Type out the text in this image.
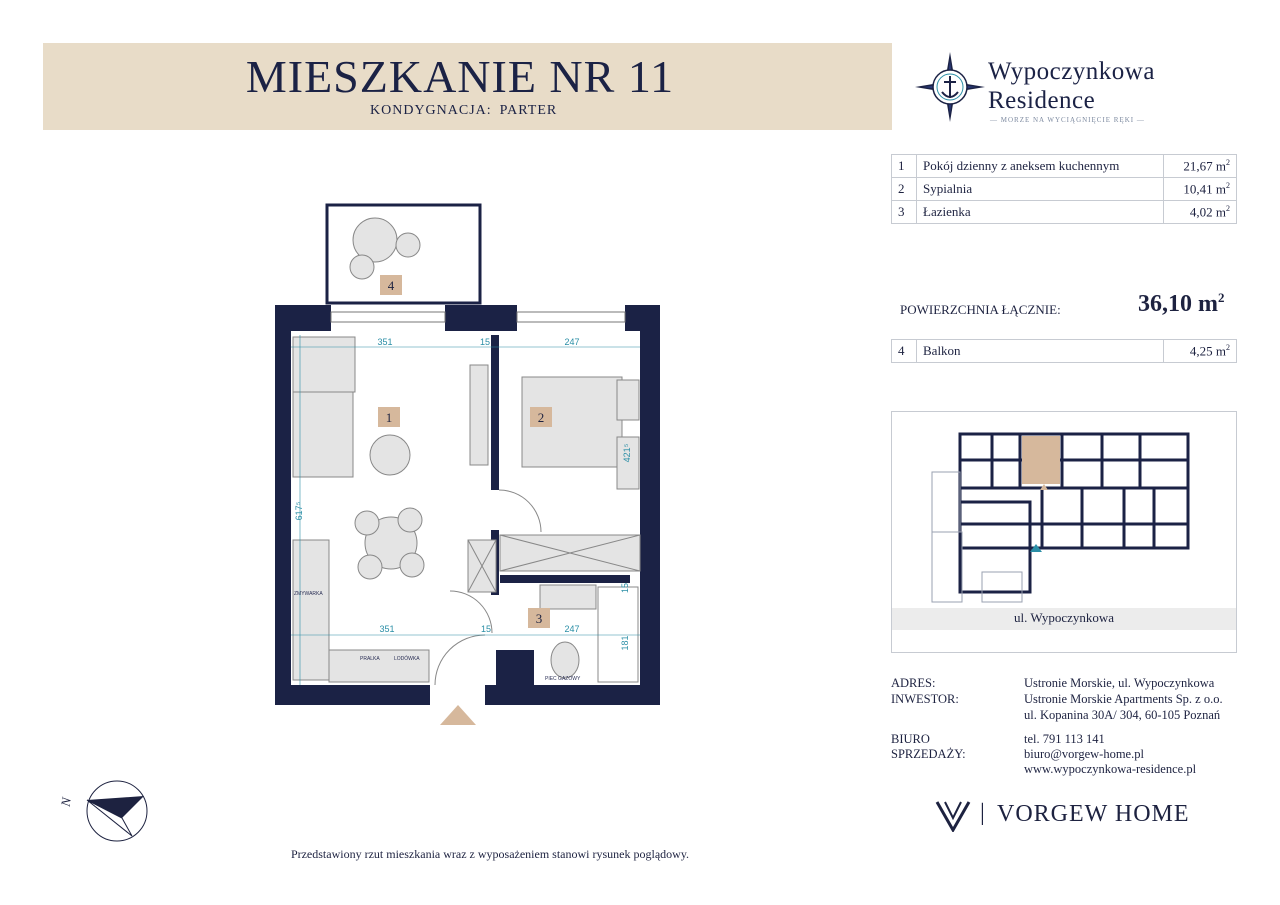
MIESZKANIE NR 11
KONDYGNACJA: PARTER
Wypoczynkowa
Residence
— MORZE NA WYCIĄGNIĘCIE RĘKI —
1	Pokój dzienny z aneksem kuchennym	21,67 $m^2$
2	Sypialnia	10,41 $m^2$
3	Łazienka	4,02 $m^2$
POWIERZCHNIA ŁĄCZNIE:	36,10 $m^2$
4	Balkon	4,25 $m^2$
ul. Wypoczynkowa
ADRES:	Ustronie Morskie, ul. Wypoczynkowa
INWESTOR:	Ustronie Morskie Apartments Sp. z o.o.
ul. Kopanina 30A/ 304, 60-105 Poznań
BIURO
SPRZEDAŻY:
tel. 791 113 141
biuro@vorgew-home.pl
www.wypoczynkowa-residence.pl
| VORGEW HOME
N
Przedstawiony rzut mieszkania wraz z wyposażeniem stanowi rysunek poglądowy.
4
1	2
3
351	15	247
351	15	247
617⁵
421⁵
15
181
ZMYWARKA
PRALKA	LODÓWKA
PIEC GAZOWY
